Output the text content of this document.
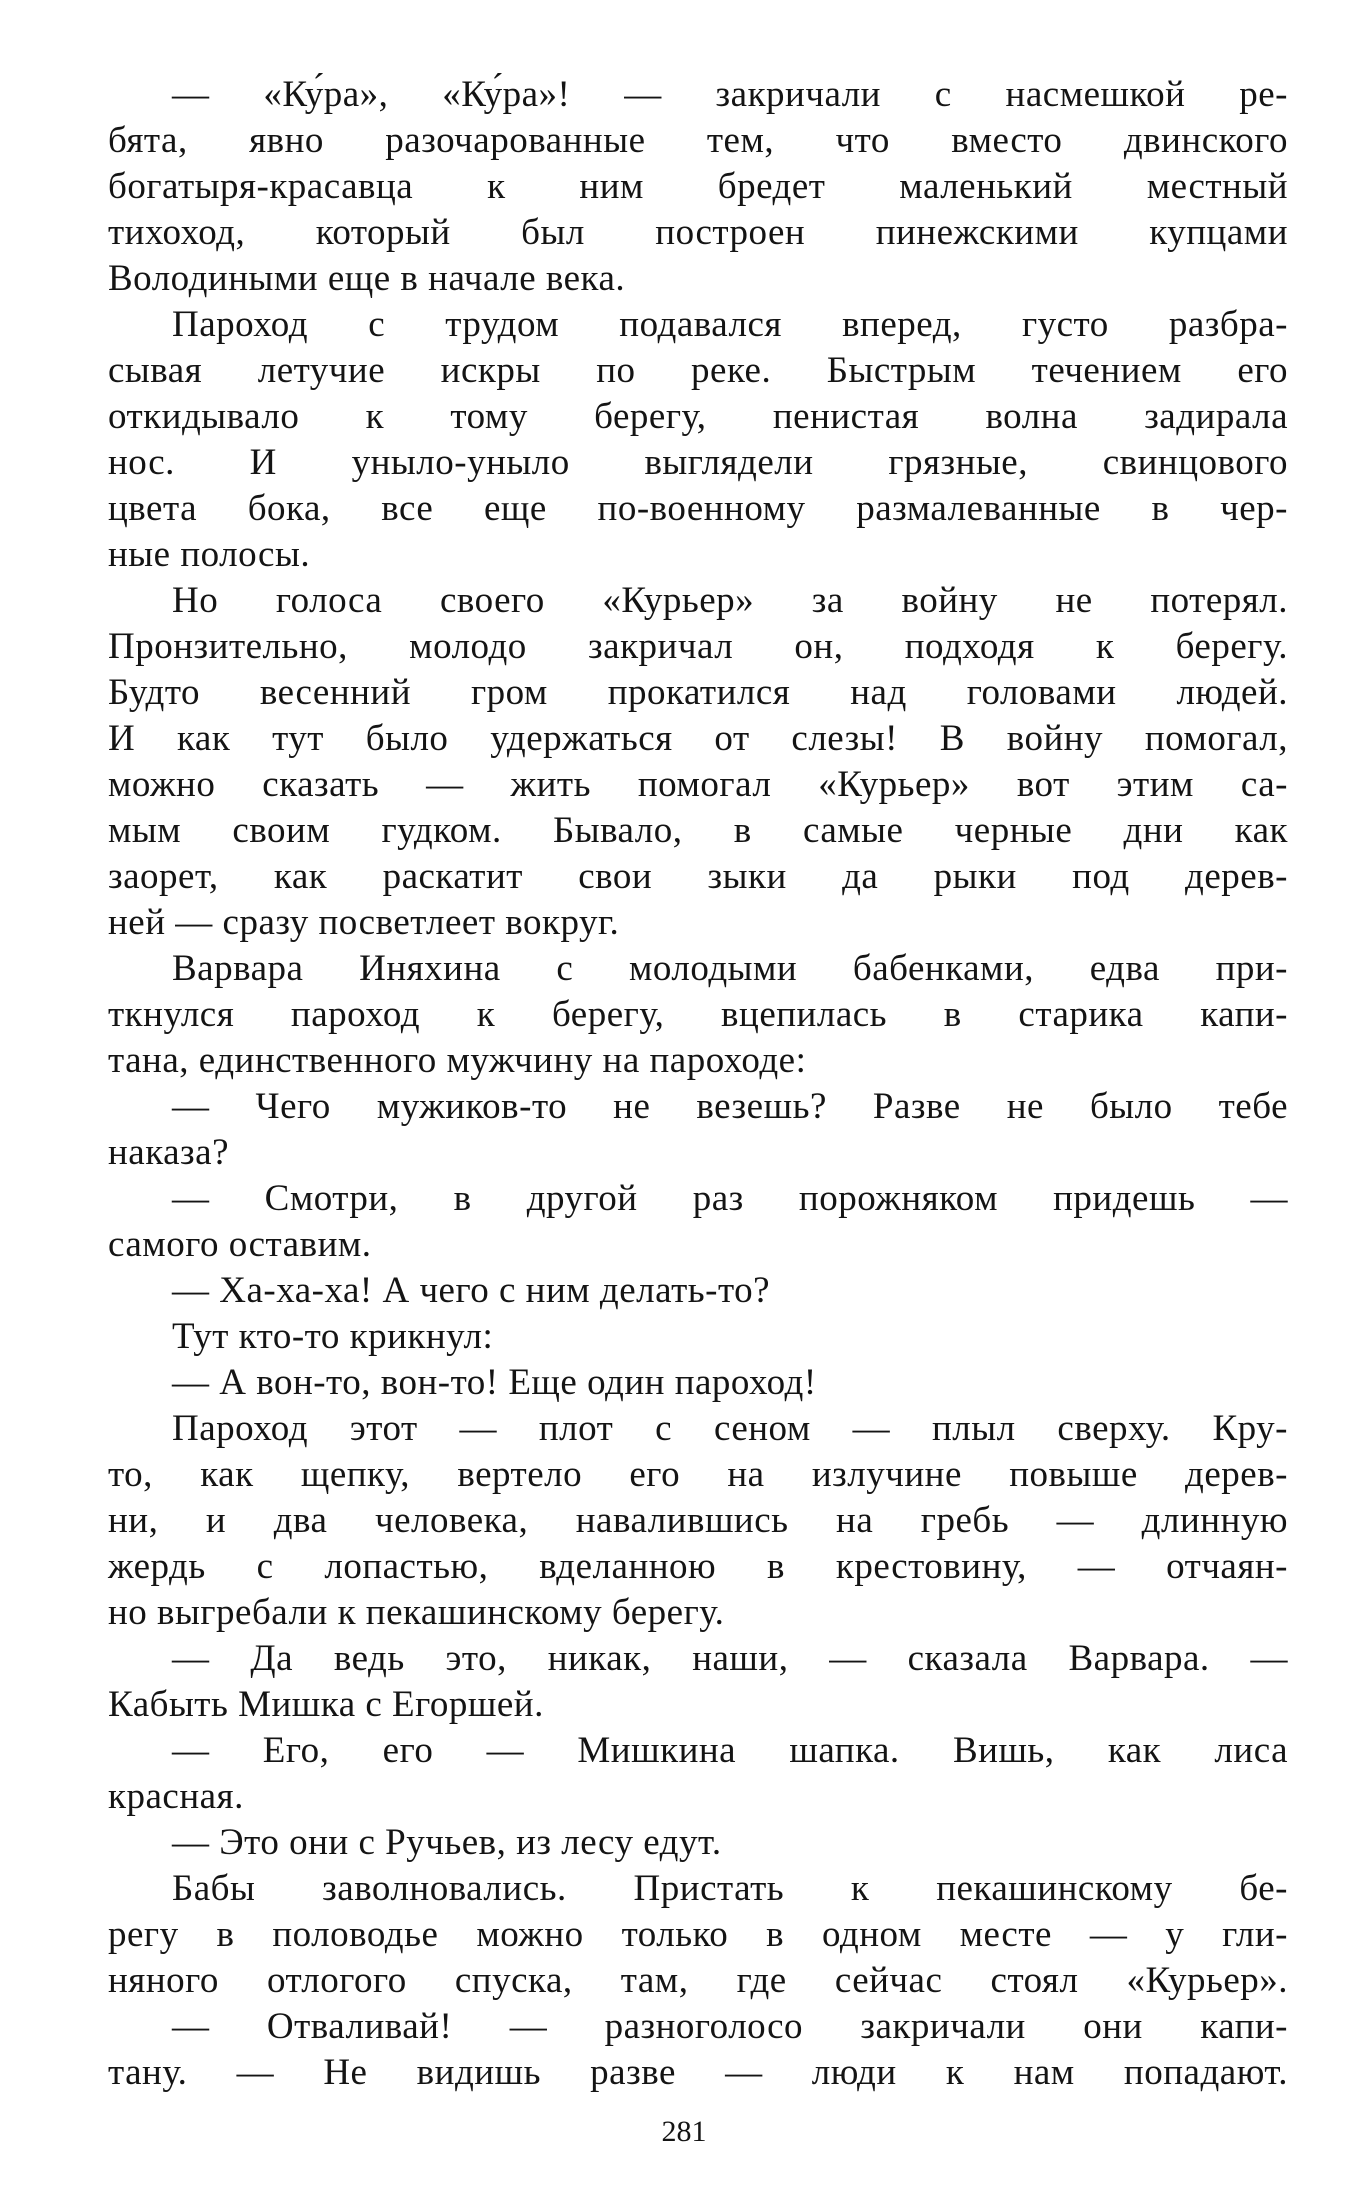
— «Ку́ра», «Ку́ра»! — закричали с насмешкой ре-
бята, явно разочарованные тем, что вместо двинского
богатыря-красавца к ним бредет маленький местный
тихоход, который был построен пинежскими купцами
Володиными еще в начале века.
Пароход с трудом подавался вперед, густо разбра-
сывая летучие искры по реке. Быстрым течением его
откидывало к тому берегу, пенистая волна задирала
нос. И уныло-уныло выглядели грязные, свинцового
цвета бока, все еще по-военному размалеванные в чер-
ные полосы.
Но голоса своего «Курьер» за войну не потерял.
Пронзительно, молодо закричал он, подходя к берегу.
Будто весенний гром прокатился над головами людей.
И как тут было удержаться от слезы! В войну помогал,
можно сказать — жить помогал «Курьер» вот этим са-
мым своим гудком. Бывало, в самые черные дни как
заорет, как раскатит свои зыки да рыки под дерев-
ней — сразу посветлеет вокруг.
Варвара Иняхина с молодыми бабенками, едва при-
ткнулся пароход к берегу, вцепилась в старика капи-
тана, единственного мужчину на пароходе:
— Чего мужиков-то не везешь? Разве не было тебе
наказа?
— Смотри, в другой раз порожняком придешь —
самого оставим.
— Ха-ха-ха! А чего с ним делать-то?
Тут кто-то крикнул:
— А вон-то, вон-то! Еще один пароход!
Пароход этот — плот с сеном — плыл сверху. Кру-
то, как щепку, вертело его на излучине повыше дерев-
ни, и два человека, навалившись на гребь — длинную
жердь с лопастью, вделанною в крестовину, — отчаян-
но выгребали к пекашинскому берегу.
— Да ведь это, никак, наши, — сказала Варвара. —
Кабыть Мишка с Егоршей.
— Его, его — Мишкина шапка. Вишь, как лиса
красная.
— Это они с Ручьев, из лесу едут.
Бабы заволновались. Пристать к пекашинскому бе-
регу в половодье можно только в одном месте — у гли-
няного отлогого спуска, там, где сейчас стоял «Курьер».
— Отваливай! — разноголосо закричали они капи-
тану. — Не видишь разве — люди к нам попадают.
281
